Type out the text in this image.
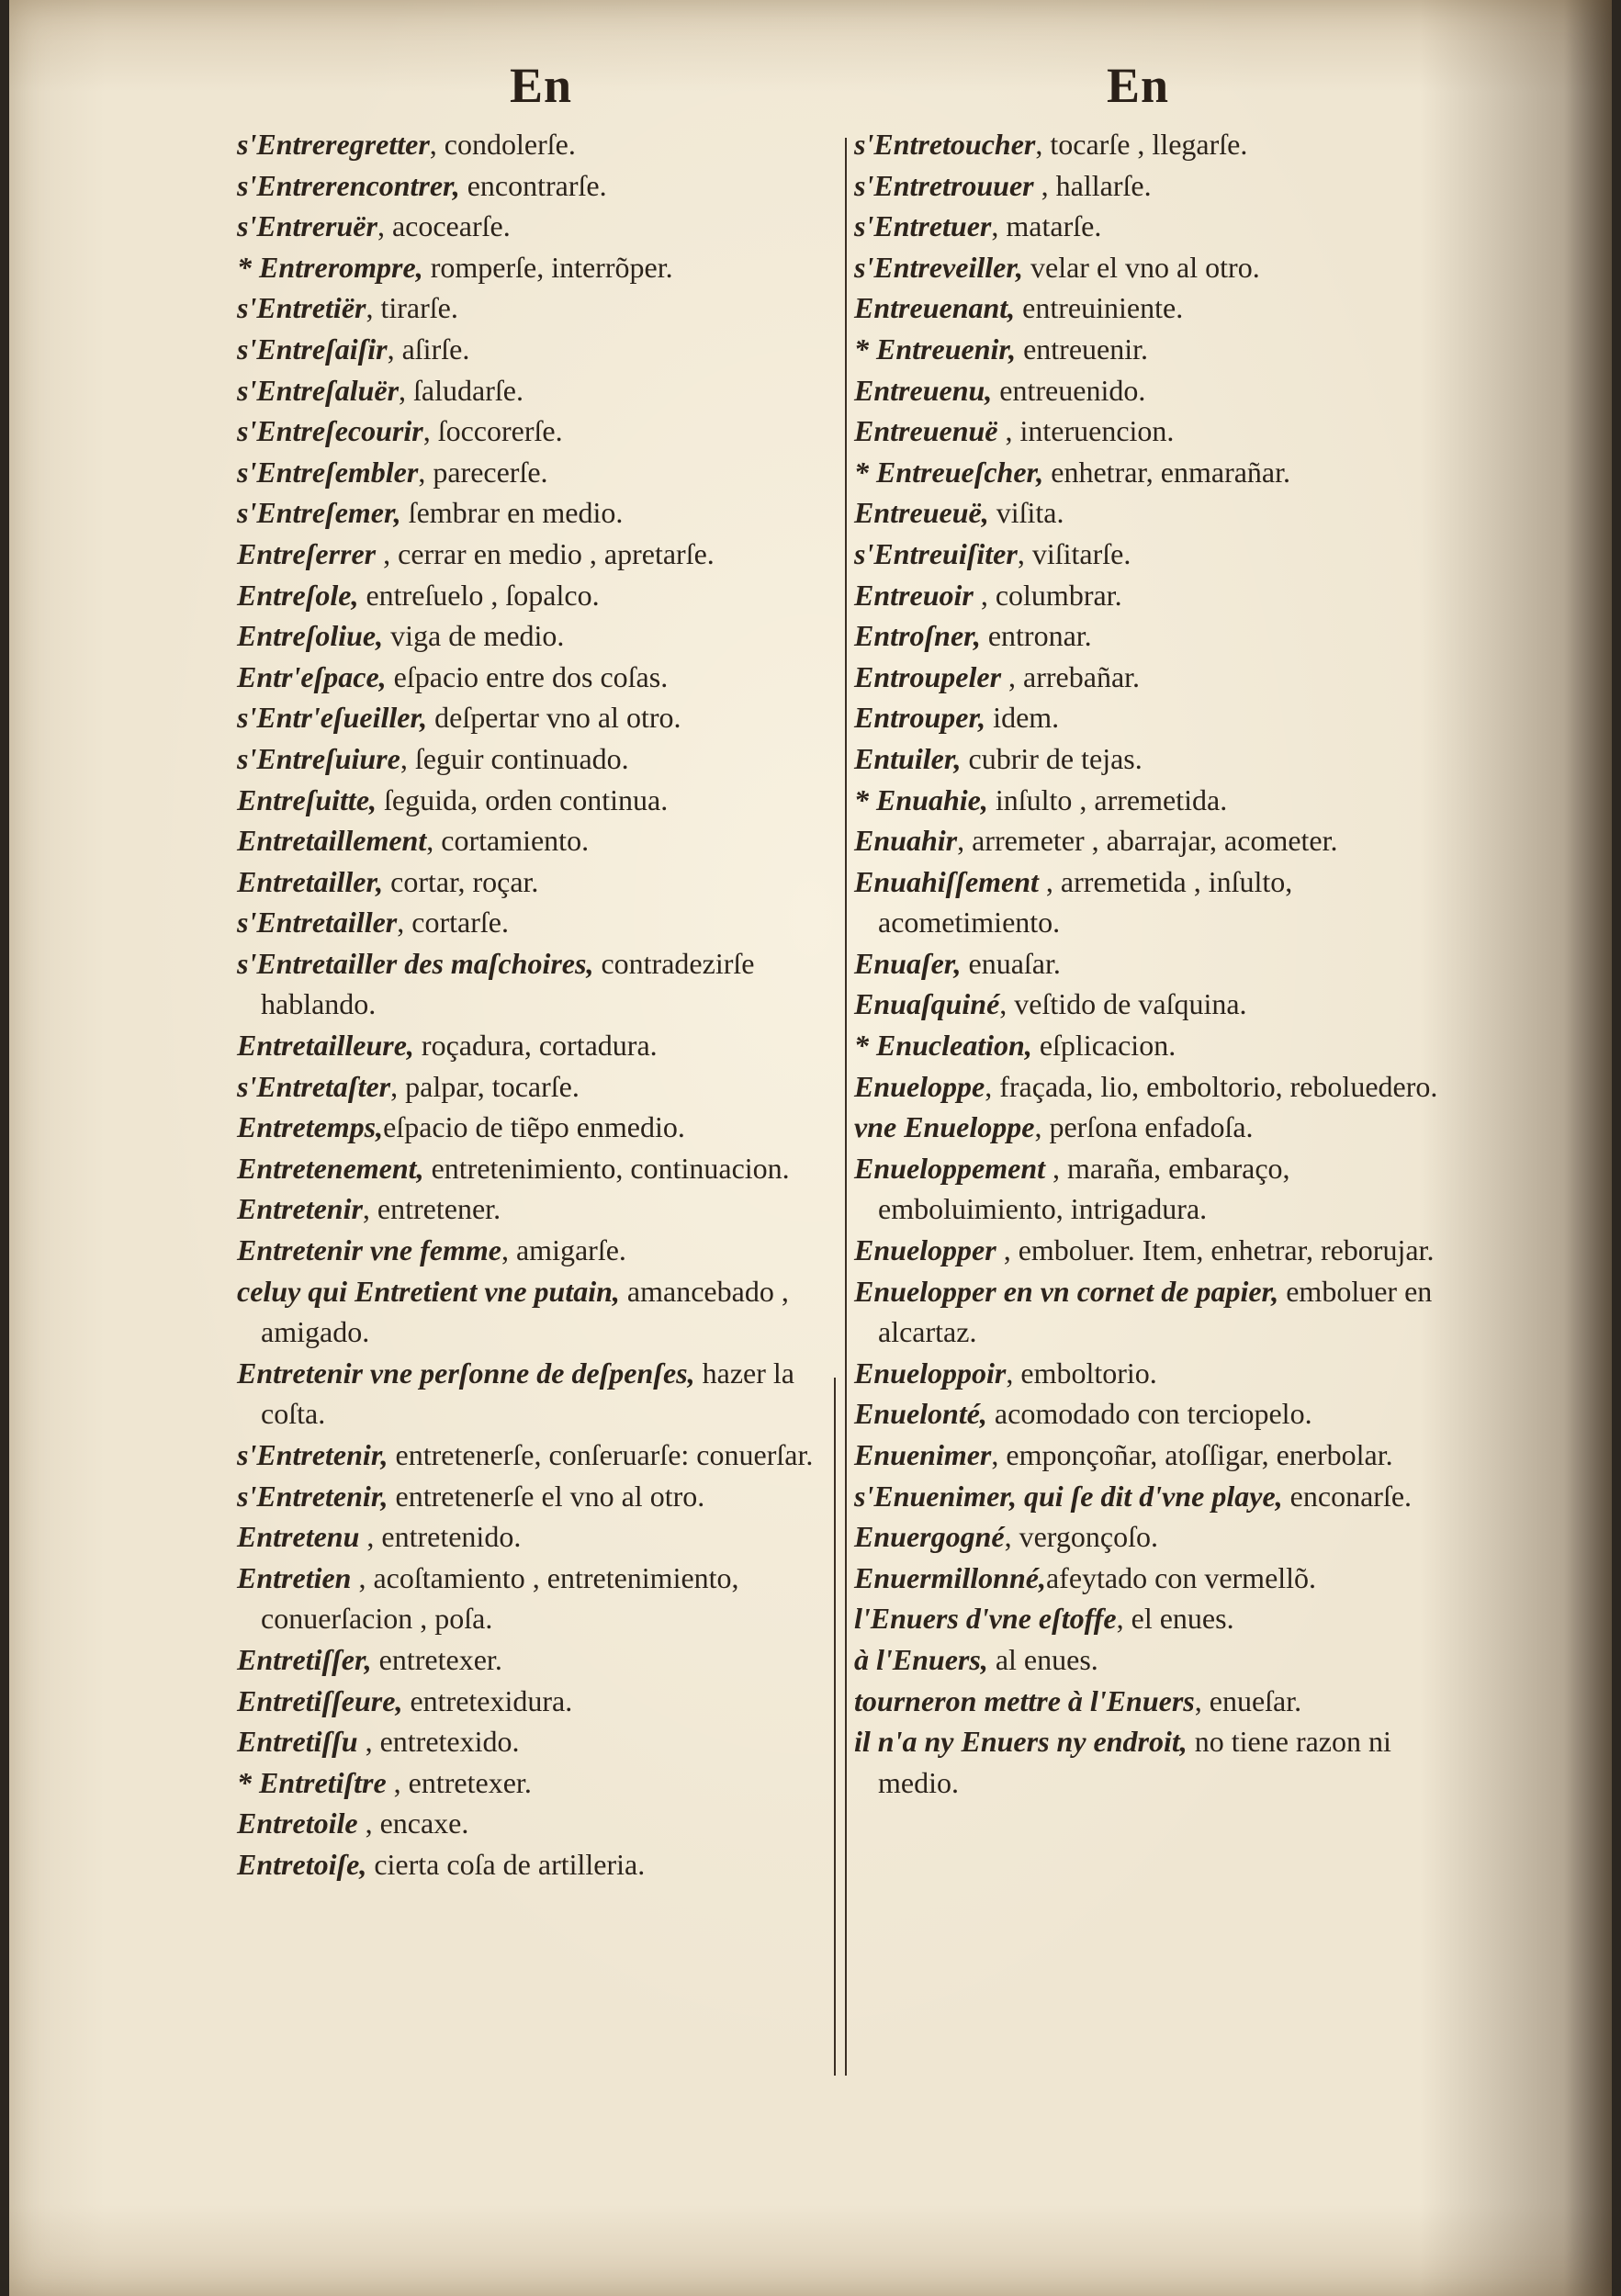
En	En
s'Entreregretter, condolerſe.
s'Entrerencontrer, encontrarſe.
s'Entreruër, acocearſe.
* Entrerompre, romperſe, interrõper.
s'Entretiër, tirarſe.
s'Entreſaiſir, aſirſe.
s'Entreſaluër, ſaludarſe.
s'Entreſecourir, ſoccorerſe.
s'Entreſembler, parecerſe.
s'Entreſemer, ſembrar en medio.
Entreſerrer , cerrar en medio , apretarſe.
Entreſole, entreſuelo , ſopalco.
Entreſoliue, viga de medio.
Entr'eſpace, eſpacio entre dos coſas.
s'Entr'eſueiller, deſpertar vno al otro.
s'Entreſuiure, ſeguir continuado.
Entreſuitte, ſeguida, orden continua.
Entretaillement, cortamiento.
Entretailler, cortar, roçar.
s'Entretailler, cortarſe.
s'Entretailler des maſchoires, contradezirſe hablando.
Entretailleure, roçadura, cortadura.
s'Entretaſter, palpar, tocarſe.
Entretemps,eſpacio de tiẽpo enmedio.
Entretenement, entretenimiento, continuacion.
Entretenir, entretener.
Entretenir vne femme, amigarſe.
celuy qui Entretient vne putain, amancebado , amigado.
Entretenir vne perſonne de deſpenſes, hazer la coſta.
s'Entretenir, entretenerſe, conſeruarſe: conuerſar.
s'Entretenir, entretenerſe el vno al otro.
Entretenu , entretenido.
Entretien , acoſtamiento , entretenimiento, conuerſacion , poſa.
Entretiſſer, entretexer.
Entretiſſeure, entretexidura.
Entretiſſu , entretexido.
* Entretiſtre , entretexer.
Entretoile , encaxe.
Entretoiſe, cierta coſa de artilleria.
s'Entretoucher, tocarſe , llegarſe.
s'Entretrouuer , hallarſe.
s'Entretuer, matarſe.
s'Entreveiller, velar el vno al otro.
Entreuenant, entreuiniente.
* Entreuenir, entreuenir.
Entreuenu, entreuenido.
Entreuenuë , interuencion.
* Entreueſcher, enhetrar, enmarañar.
Entreueuë, viſita.
s'Entreuiſiter, viſitarſe.
Entreuoir , columbrar.
Entroſner, entronar.
Entroupeler , arrebañar.
Entrouper, idem.
Entuiler, cubrir de tejas.
* Enuahie, inſulto , arremetida.
Enuahir, arremeter , abarrajar, acometer.
Enuahiſſement , arremetida , inſulto, acometimiento.
Enuaſer, enuaſar.
Enuaſquiné, veſtido de vaſquina.
* Enucleation, eſplicacion.
Enueloppe, fraçada, lio, emboltorio, reboluedero.
vne Enueloppe, perſona enfadoſa.
Enueloppement , maraña, embaraço, emboluimiento, intrigadura.
Enuelopper , emboluer. Item, enhetrar, reborujar.
Enuelopper en vn cornet de papier, emboluer en alcartaz.
Enueloppoir, emboltorio.
Enuelonté, acomodado con terciopelo.
Enuenimer, emponçoñar, atoſſigar, enerbolar.
s'Enuenimer, qui ſe dit d'vne playe, enconarſe.
Enuergogné, vergonçoſo.
Enuermillonné,afeytado con vermellõ.
l'Enuers d'vne eſtoffe, el enues.
à l'Enuers, al enues.
tourneron mettre à l'Enuers, enueſar.
il n'a ny Enuers ny endroit, no tiene razon ni medio.
